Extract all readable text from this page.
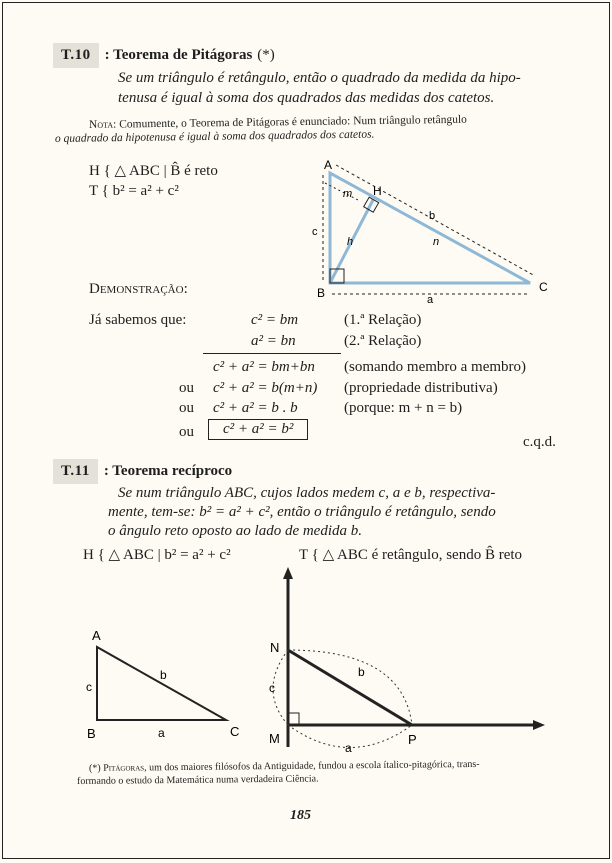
T.10 : Teorema de Pitágoras (*)
Se um triângulo é retângulo, então o quadrado da medida da hipo-
tenusa é igual à soma dos quadrados das medidas dos catetos.
Nota: Comumente, o Teorema de Pitágoras é enunciado: Num triângulo retângulo
o quadrado da hipotenusa é igual à soma dos quadrados dos catetos.
H { △ ABC | B̂ é reto
T { b² = a² + c²
A
B	C
H
m
n
h
b
c
a
Demonstração:
Já sabemos que:	c² = bm	(1.ª Relação)
a² = bn	(2.ª Relação)
c² + a² = bm+bn (somando membro a membro)
ou c² + a² = b(m+n) (propriedade distributiva)
ou c² + a² = b . b	(porque: m + n = b)
ou	c² + a² = b²
c.q.d.
T.11 : Teorema recíproco
Se num triângulo ABC, cujos lados medem c, a e b, respectiva-
mente, tem-se: b² = a² + c², então o triângulo é retângulo, sendo
o ângulo reto oposto ao lado de medida b.
H { △ ABC | b² = a² + c²	T { △ ABC é retângulo, sendo B̂ reto
A
B	C
b
c
a
N
M	P
b
c
a
(*) Pitágoras, um dos maiores filósofos da Antiguidade, fundou a escola ítalico-pitagórica, trans-
formando o estudo da Matemática numa verdadeira Ciência.
185
